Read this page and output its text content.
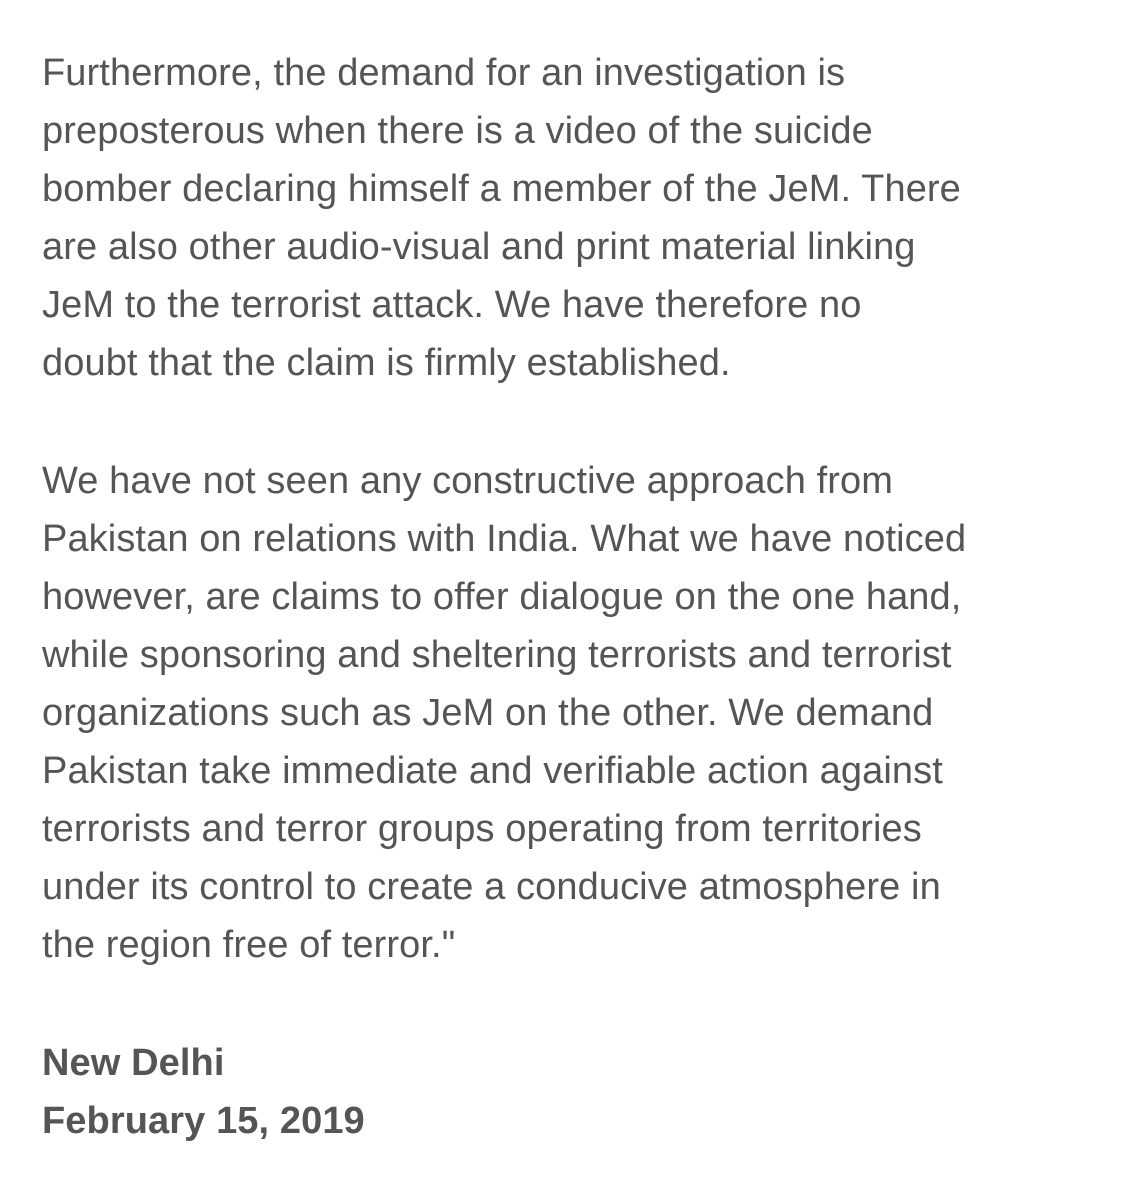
Furthermore, the demand for an investigation is
preposterous when there is a video of the suicide
bomber declaring himself a member of the JeM. There
are also other audio-visual and print material linking
JeM to the terrorist attack. We have therefore no
doubt that the claim is firmly established.
We have not seen any constructive approach from
Pakistan on relations with India. What we have noticed
however, are claims to offer dialogue on the one hand,
while sponsoring and sheltering terrorists and terrorist
organizations such as JeM on the other. We demand
Pakistan take immediate and verifiable action against
terrorists and terror groups operating from territories
under its control to create a conducive atmosphere in
the region free of terror."
New Delhi
February 15, 2019
